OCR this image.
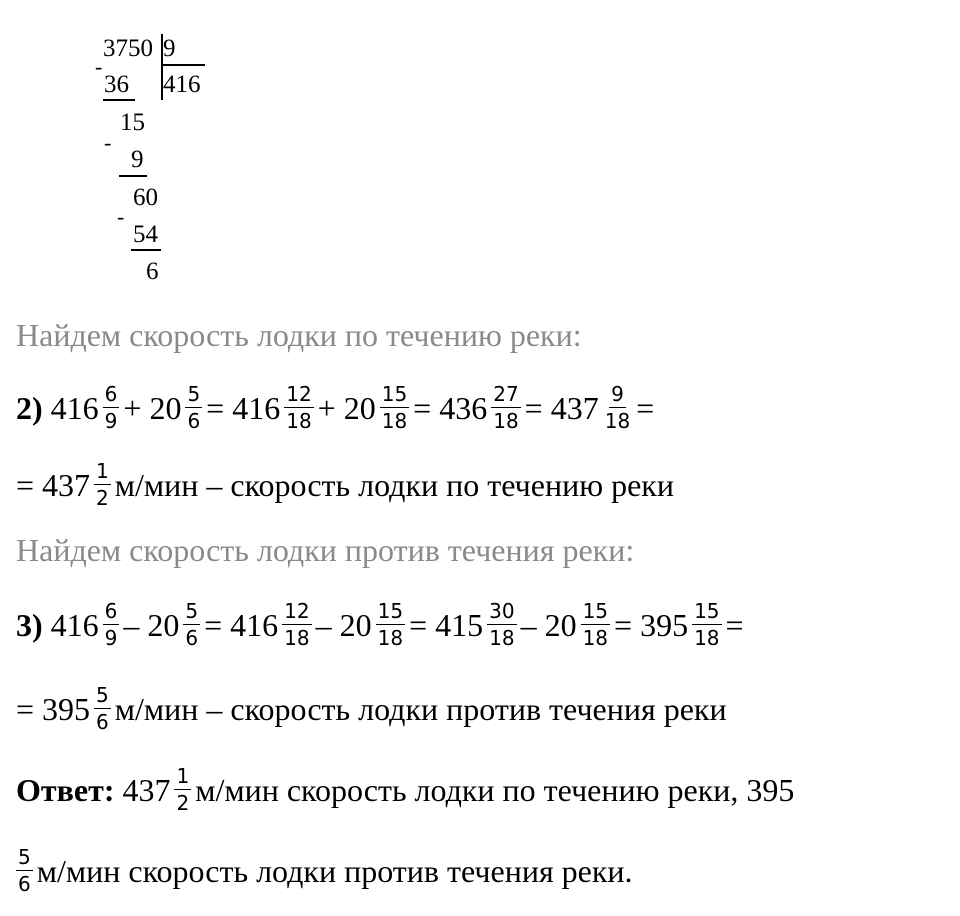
3750 9
416
-
36
15
-
9
60
-
54
6
Найдем скорость лодки по течению реки:
2) $416 \frac{6}{9} + 20 \frac{5}{6} = 416 \frac{12}{18} + 20 \frac{15}{18} = 436 \frac{27}{18} = 437 \frac{9}{18}$ =
= $437 \frac{1}{2} м/мин$ – скорость лодки по течению реки
Найдем скорость лодки против течения реки:
3) $416 \frac{6}{9} - 20 \frac{5}{6} = 416 \frac{12}{18} - 20 \frac{15}{18} = 415 \frac{30}{18} - 20 \frac{15}{18} = 395 \frac{15}{18}$ =
= $395 \frac{5}{6} м/мин$ – скорость лодки против течения реки
Ответ: $437 \frac{1}{2} м/мин$ скорость лодки по течению реки, 395
$\frac{5}{6} м/мин$ скорость лодки против течения реки.
